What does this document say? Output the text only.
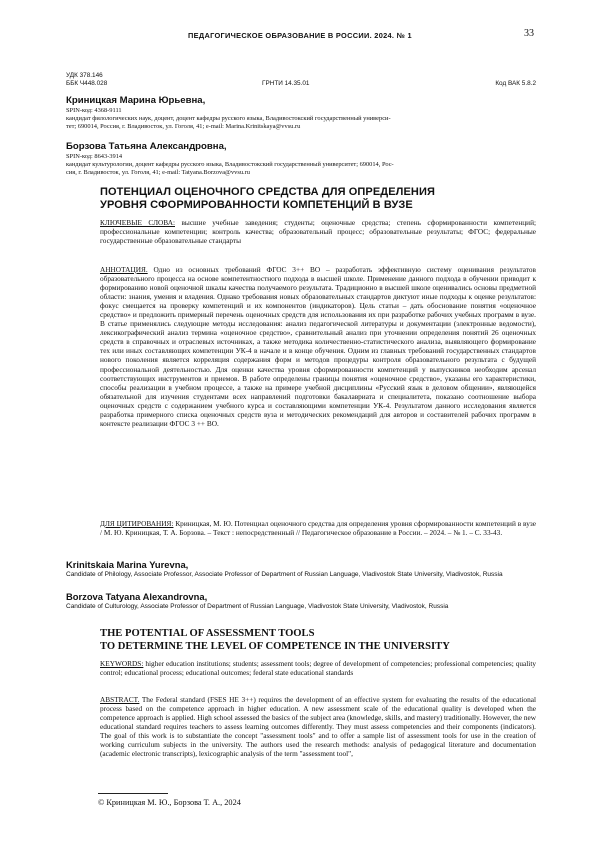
ПЕДАГОГИЧЕСКОЕ ОБРАЗОВАНИЕ В РОССИИ. 2024. № 1	33
УДК 378.146
ББК Ч448.028	ГРНТИ 14.35.01	Код ВАК 5.8.2
Криницкая Марина Юрьевна,
SPIN-код: 4368-9111
кандидат филологических наук, доцент, доцент кафедры русского языка, Владивостокский государственный универси-
тет; 690014, Россия, г. Владивосток, ул. Гоголя, 41; e-mail: Marina.Krinitskaya@vvsu.ru
Борзова Татьяна Александровна,
SPIN-код: 8643-3914
кандидат культурологии, доцент кафедры русского языка, Владивостокский государственный университет; 690014, Рос-
сия, г. Владивосток, ул. Гоголя, 41; e-mail: Tatyana.Borzova@vvsu.ru
ПОТЕНЦИАЛ ОЦЕНОЧНОГО СРЕДСТВА ДЛЯ ОПРЕДЕЛЕНИЯ
УРОВНЯ СФОРМИРОВАННОСТИ КОМПЕТЕНЦИЙ В ВУЗЕ
КЛЮЧЕВЫЕ СЛОВА: высшие учебные заведения; студенты; оценочные средства; степень сформированности компетенций; профессиональные компетенции; контроль качества; образовательный процесс; образовательные результаты; ФГОС; федеральные государственные образовательные стандарты
АННОТАЦИЯ. Одно из основных требований ФГОС 3++ ВО – разработать эффективную систему оценивания результатов образовательного процесса на основе компетентностного подхода в высшей школе. Применение данного подхода в обучении приводит к формированию новой оценочной шкалы качества получаемого результата. Традиционно в высшей школе оценивались основы предметной области: знания, умения и владения. Однако требования новых образовательных стандартов диктуют иные подходы к оценке результатов: фокус смещается на проверку компетенций и их компонентов (индикаторов). Цель статьи – дать обоснование понятия «оценочное средство» и предложить примерный перечень оценочных средств для использования их при разработке рабочих учебных программ в вузе. В статье применялись следующие методы исследования: анализ педагогической литературы и документации (электронные ведомости), лексикографический анализ термина «оценочное средство», сравнительный анализ при уточнении определения понятий 26 оценочных средств в справочных и отраслевых источниках, а также методика количественно-статистического анализа, выявляющего формирование тех или иных составляющих компетенции УК-4 в начале и в конце обучения. Одним из главных требований государственных стандартов нового поколения является корреляция содержания форм и методов процедуры контроля образовательного результата с будущей профессиональной деятельностью. Для оценки качества уровня сформированности компетенций у выпускников необходим арсенал соответствующих инструментов и приемов. В работе определены границы понятия «оценочное средство», указаны его характеристики, способы реализации в учебном процессе, а также на примере учебной дисциплины «Русский язык в деловом общении», являющейся обязательной для изучения студентами всех направлений подготовки бакалавриата и специалитета, показано соотношение выбора оценочных средств с содержанием учебного курса и составляющими компетенции УК-4. Результатом данного исследования является разработка примерного списка оценочных средств вуза и методических рекомендаций для авторов и составителей рабочих программ в контексте реализации ФГОС 3 ++ ВО.
ДЛЯ ЦИТИРОВАНИЯ: Криницкая, М. Ю. Потенциал оценочного средства для определения уровня сформированности компетенций в вузе / М. Ю. Криницкая, Т. А. Борзова. – Текст : непосредственный // Педагогическое образование в России. – 2024. – № 1. – С. 33-43.
Krinitskaia Marina Yurevna,
Candidate of Philology, Associate Professor, Associate Professor of Department of Russian Language, Vladivostok State University, Vladivostok, Russia
Borzova Tatyana Alexandrovna,
Candidate of Culturology, Associate Professor of Department of Russian Language, Vladivostok State University, Vladivostok, Russia
THE POTENTIAL OF ASSESSMENT TOOLS
TO DETERMINE THE LEVEL OF COMPETENCE IN THE UNIVERSITY
KEYWORDS: higher education institutions; students; assessment tools; degree of development of competencies; professional competencies; quality control; educational process; educational outcomes; federal state educational standards
ABSTRACT. The Federal standard (FSES HE 3++) requires the development of an effective system for evaluating the results of the educational process based on the competence approach in higher education. A new assessment scale of the educational quality is developed when the competence approach is applied. High school assessed the basics of the subject area (knowledge, skills, and mastery) traditionally. However, the new educational standard requires teachers to assess learning outcomes differently. They must assess competencies and their components (indicators). The goal of this work is to substantiate the concept "assessment tools" and to offer a sample list of assessment tools for use in the creation of working curriculum subjects in the university. The authors used the research methods: analysis of pedagogical literature and documentation (academic electronic transcripts), lexicographic analysis of the term "assessment tool",
© Криницкая М. Ю., Борзова Т. А., 2024
